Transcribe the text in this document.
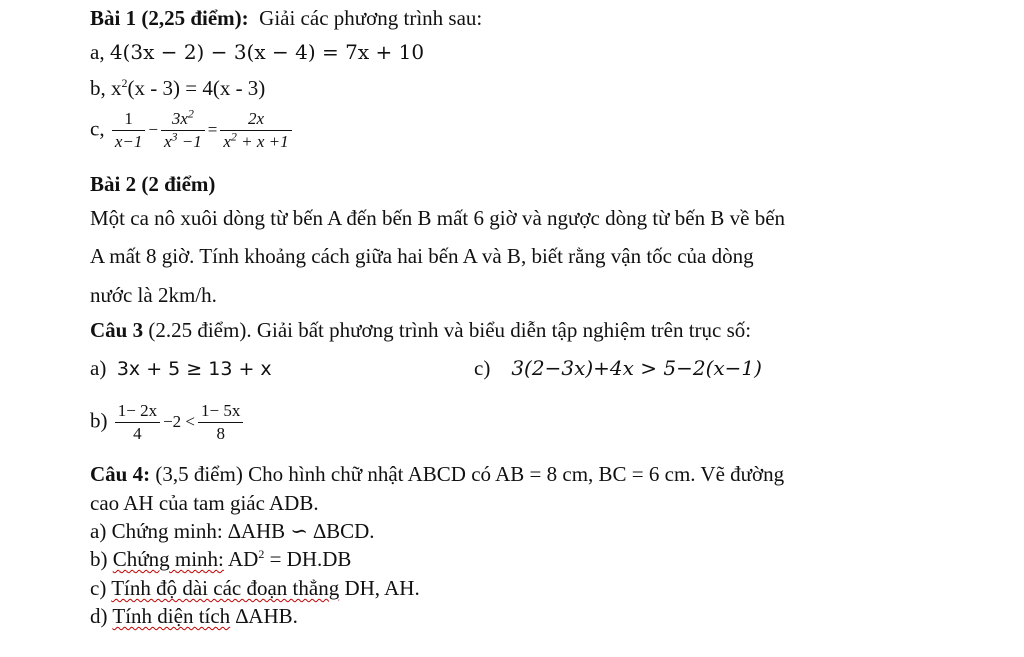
Bài 1 (2,25 điểm): Giải các phương trình sau:
a, 4(3x − 2) − 3(x − 4) = 7x + 10
b, $x^2(x - 3) = 4(x - 3)$
c, $\frac{1}{x-1} - \frac{3x^2}{x^3 -1} = \frac{2x}{x^2 + x +1}$
Bài 2 (2 điểm)
Một ca nô xuôi dòng từ bến A đến bến B mất 6 giờ và ngược dòng từ bến B về bến
A mất 8 giờ. Tính khoảng cách giữa hai bến A và B, biết rằng vận tốc của dòng
nước là 2km/h.
Câu 3 (2.25 điểm). Giải bất phương trình và biểu diễn tập nghiệm trên trục số:
a) 3x + 5 ≥ 13 + x	c) 3(2−3x)+4x > 5−2(x−1)
$b) \frac{1- 2x}{4} -2 < \frac{1- 5x}{8}$
Câu 4: (3,5 điểm) Cho hình chữ nhật ABCD có AB = 8 cm, BC = 6 cm. Vẽ đường
cao AH của tam giác ADB.
a) Chứng minh: ∆AHB ∽ ∆BCD.
b) Chứng minh: $AD^2 = DH.DB$
c) Tính độ dài các đoạn thẳng DH, AH.
d) Tính diện tích ∆AHB.
